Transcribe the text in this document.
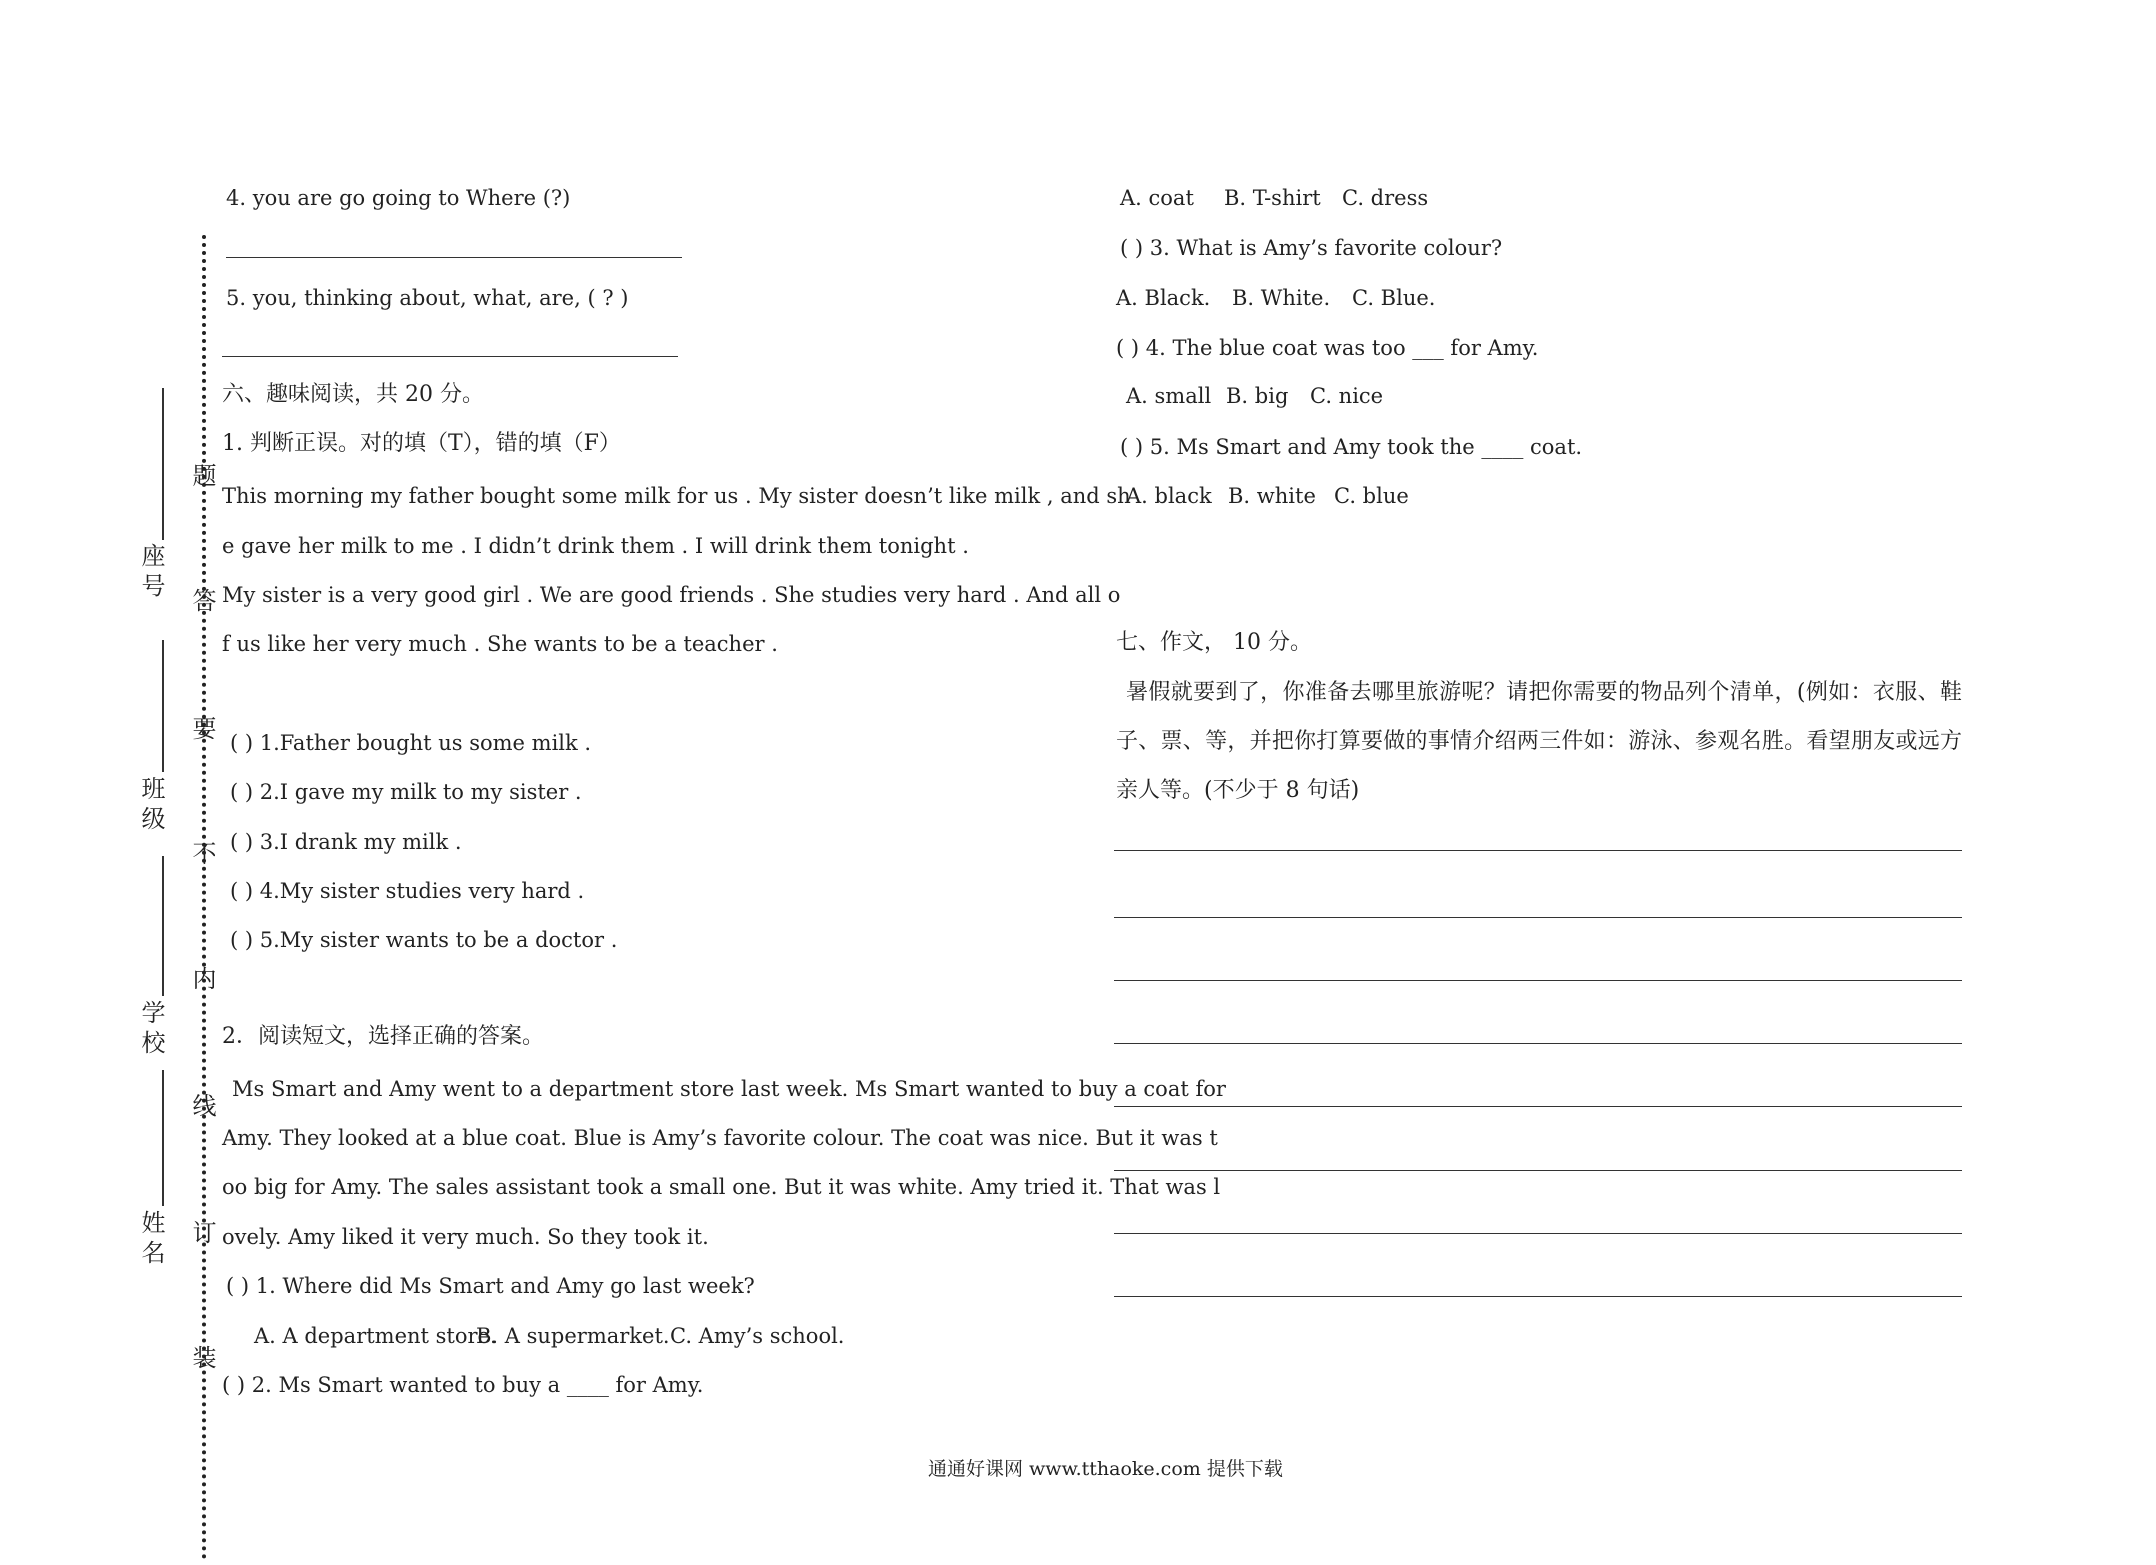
题
答
要
不
内
线
订
装
座号
班级
学校
姓名
4. you are go going to Where (?)
5. you, thinking about, what, are, ( ? )
六、趣味阅读，共 20 分。
1. 判断正误。对的填（T），错的填（F）
This morning my father bought some milk for us . My sister doesn’t like milk , and sh
e gave her milk to me . I didn’t drink them . I will drink them tonight .
My sister is a very good girl . We are good friends . She studies very hard . And all o
f us like her very much . She wants to be a teacher .
( ) 1.Father bought us some milk .
( ) 2.I gave my milk to my sister .
( ) 3.I drank my milk .
( ) 4.My sister studies very hard .
( ) 5.My sister wants to be a doctor .
2．阅读短文，选择正确的答案。
Ms Smart and Amy went to a department store last week. Ms Smart wanted to buy a coat for
Amy. They looked at a blue coat. Blue is Amy’s favorite colour. The coat was nice. But it was t
oo big for Amy. The sales assistant took a small one. But it was white. Amy tried it. That was l
ovely. Amy liked it very much. So they took it.
( ) 1. Where did Ms Smart and Amy go last week?
A. A department store.
B. A supermarket. C. Amy’s school.
( ) 2. Ms Smart wanted to buy a ____ for Amy.
A. coat B. T-shirt C. dress
( ) 3. What is Amy’s favorite colour?
A. Black. B. White. C. Blue.
( ) 4. The blue coat was too ___ for Amy.
A. small B. big C. nice
( ) 5. Ms Smart and Amy took the ____ coat.
A. black B. white C. blue
七、作文， 10 分。
暑假就要到了，你准备去哪里旅游呢？请把你需要的物品列个清单，(例如：衣服、鞋
子、票、等，并把你打算要做的事情介绍两三件如：游泳、参观名胜。看望朋友或远方
亲人等。(不少于 8 句话)
通通好课网 www.tthaoke.com 提供下载
